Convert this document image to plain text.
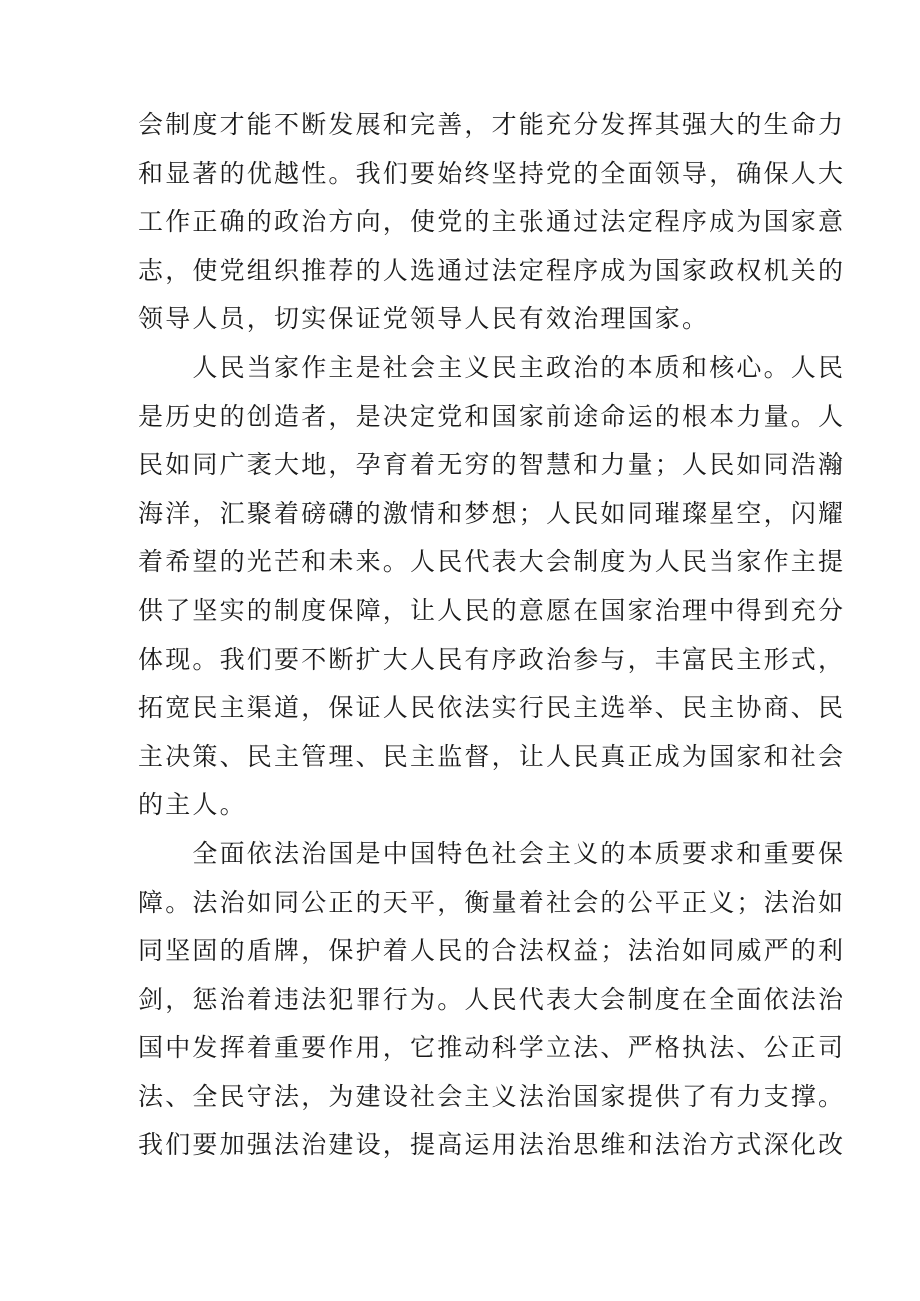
会制度才能不断发展和完善，才能充分发挥其强大的生命力
和显著的优越性。我们要始终坚持党的全面领导，确保人大
工作正确的政治方向，使党的主张通过法定程序成为国家意
志，使党组织推荐的人选通过法定程序成为国家政权机关的
领导人员，切实保证党领导人民有效治理国家。
　　人民当家作主是社会主义民主政治的本质和核心。人民
是历史的创造者，是决定党和国家前途命运的根本力量。人
民如同广袤大地，孕育着无穷的智慧和力量；人民如同浩瀚
海洋，汇聚着磅礴的激情和梦想；人民如同璀璨星空，闪耀
着希望的光芒和未来。人民代表大会制度为人民当家作主提
供了坚实的制度保障，让人民的意愿在国家治理中得到充分
体现。我们要不断扩大人民有序政治参与，丰富民主形式，
拓宽民主渠道，保证人民依法实行民主选举、民主协商、民
主决策、民主管理、民主监督，让人民真正成为国家和社会
的主人。
　　全面依法治国是中国特色社会主义的本质要求和重要保
障。法治如同公正的天平，衡量着社会的公平正义；法治如
同坚固的盾牌，保护着人民的合法权益；法治如同威严的利
剑，惩治着违法犯罪行为。人民代表大会制度在全面依法治
国中发挥着重要作用，它推动科学立法、严格执法、公正司
法、全民守法，为建设社会主义法治国家提供了有力支撑。
我们要加强法治建设，提高运用法治思维和法治方式深化改
